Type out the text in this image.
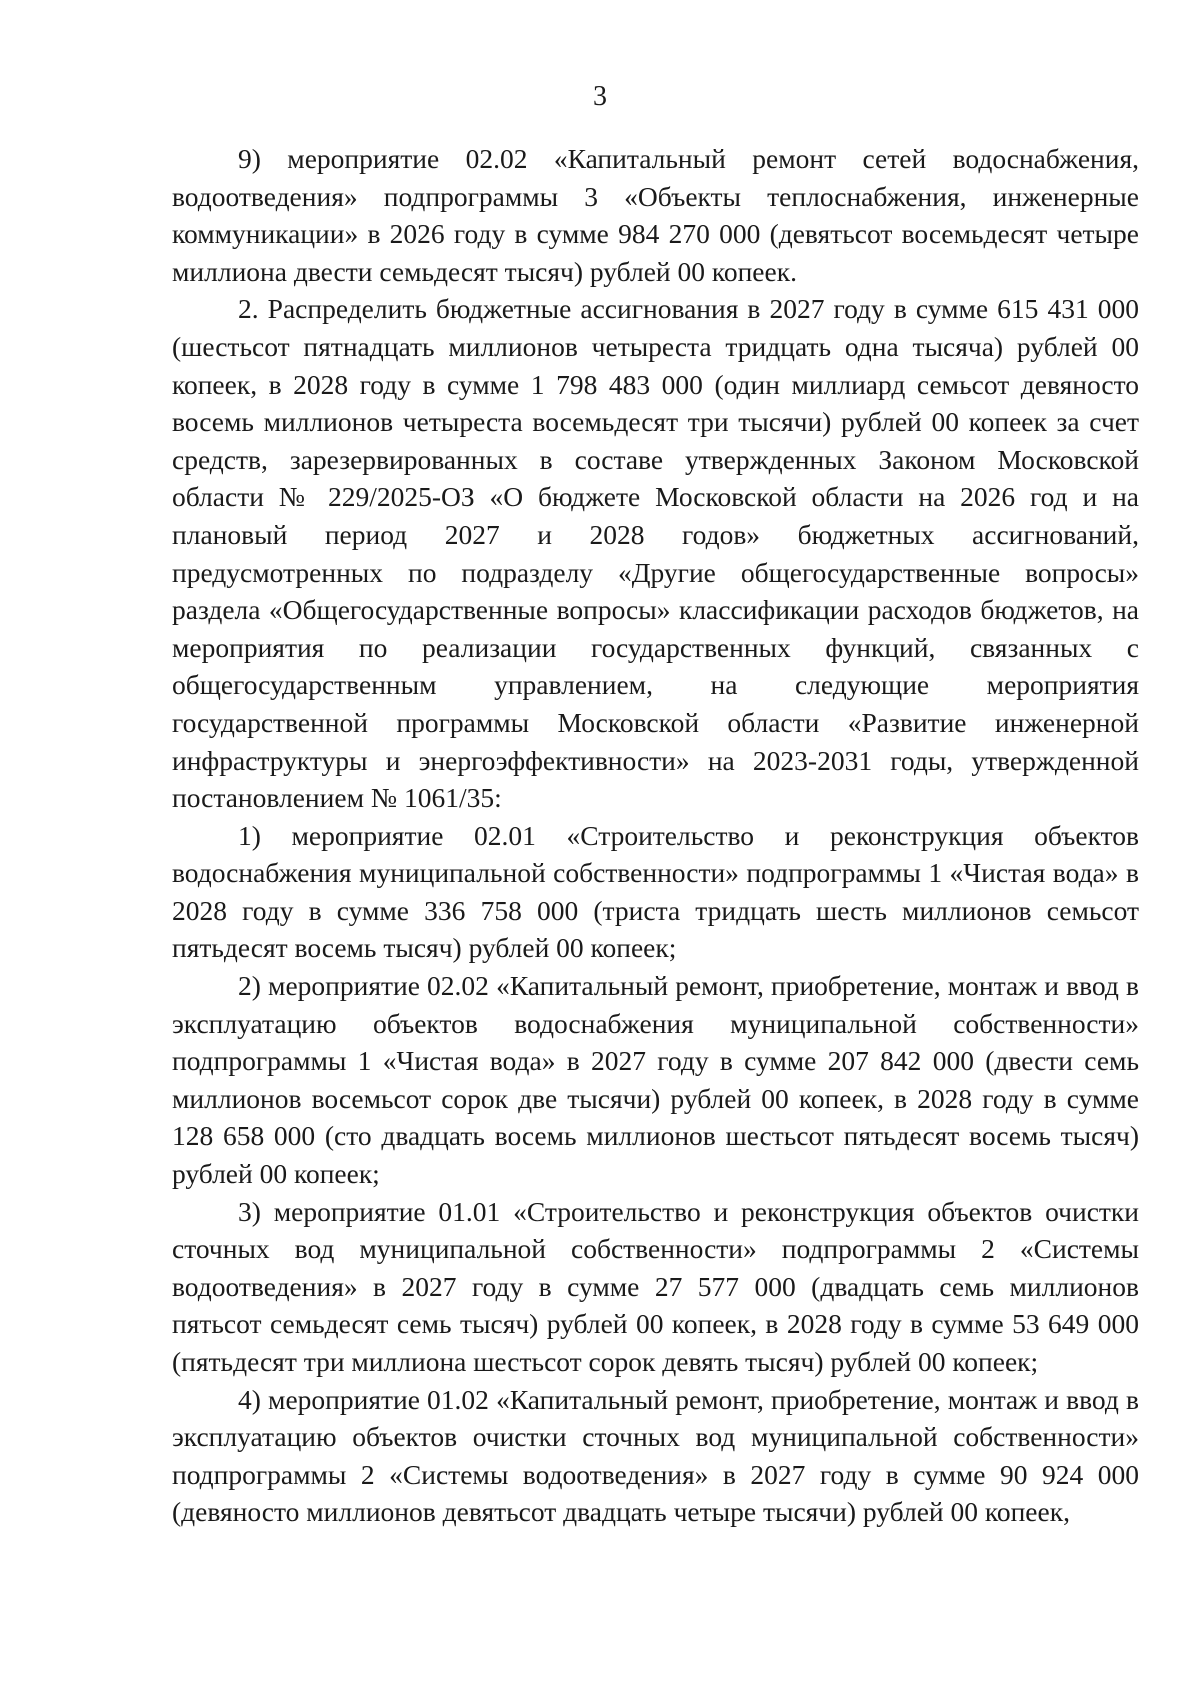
3

9) мероприятие 02.02 «Капитальный ремонт сетей водоснабжения, водоотведения» подпрограммы 3 «Объекты теплоснабжения, инженерные коммуникации» в 2026 году в сумме 984 270 000 (девятьсот восемьдесят четыре миллиона двести семьдесят тысяч) рублей 00 копеек.

2. Распределить бюджетные ассигнования в 2027 году в сумме 615 431 000 (шестьсот пятнадцать миллионов четыреста тридцать одна тысяча) рублей 00 копеек, в 2028 году в сумме 1 798 483 000 (один миллиард семьсот девяносто восемь миллионов четыреста восемьдесят три тысячи) рублей 00 копеек за счет средств, зарезервированных в составе утвержденных Законом Московской области № 229/2025-ОЗ «О бюджете Московской области на 2026 год и на плановый период 2027 и 2028 годов» бюджетных ассигнований, предусмотренных по подразделу «Другие общегосударственные вопросы» раздела «Общегосударственные вопросы» классификации расходов бюджетов, на мероприятия по реализации государственных функций, связанных с общегосударственным управлением, на следующие мероприятия государственной программы Московской области «Развитие инженерной инфраструктуры и энергоэффективности» на 2023-2031 годы, утвержденной постановлением № 1061/35:

1) мероприятие 02.01 «Строительство и реконструкция объектов водоснабжения муниципальной собственности» подпрограммы 1 «Чистая вода» в 2028 году в сумме 336 758 000 (триста тридцать шесть миллионов семьсот пятьдесят восемь тысяч) рублей 00 копеек;

2) мероприятие 02.02 «Капитальный ремонт, приобретение, монтаж и ввод в эксплуатацию объектов водоснабжения муниципальной собственности» подпрограммы 1 «Чистая вода» в 2027 году в сумме 207 842 000 (двести семь миллионов восемьсот сорок две тысячи) рублей 00 копеек, в 2028 году в сумме 128 658 000 (сто двадцать восемь миллионов шестьсот пятьдесят восемь тысяч) рублей 00 копеек;

3) мероприятие 01.01 «Строительство и реконструкция объектов очистки сточных вод муниципальной собственности» подпрограммы 2 «Системы водоотведения» в 2027 году в сумме 27 577 000 (двадцать семь миллионов пятьсот семьдесят семь тысяч) рублей 00 копеек, в 2028 году в сумме 53 649 000 (пятьдесят три миллиона шестьсот сорок девять тысяч) рублей 00 копеек;

4) мероприятие 01.02 «Капитальный ремонт, приобретение, монтаж и ввод в эксплуатацию объектов очистки сточных вод муниципальной собственности» подпрограммы 2 «Системы водоотведения» в 2027 году в сумме 90 924 000 (девяносто миллионов девятьсот двадцать четыре тысячи) рублей 00 копеек,
